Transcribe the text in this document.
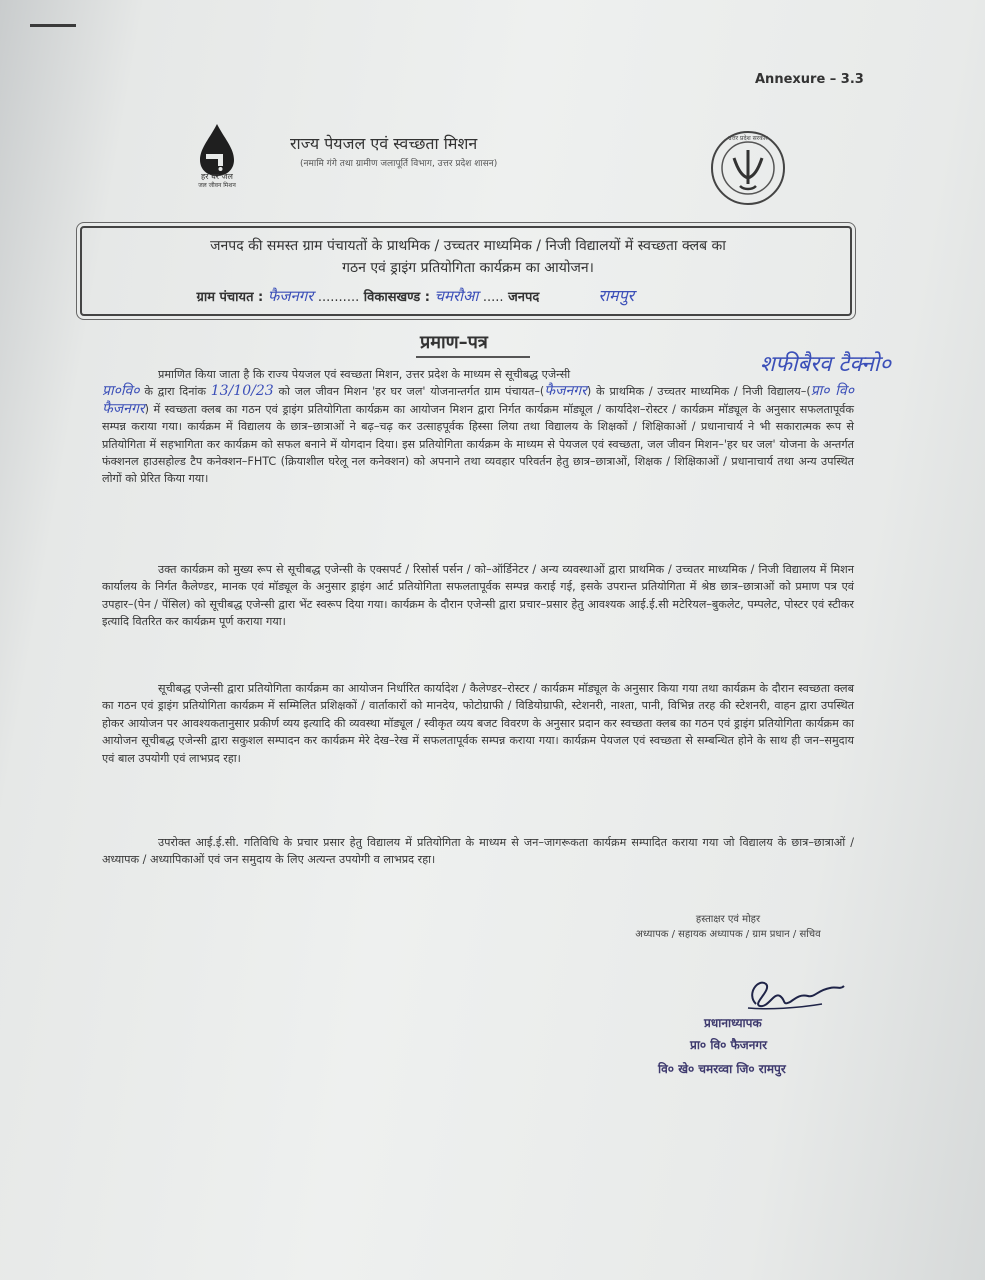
Annexure – 3.3
हर घर जल
जल जीवन मिशन
राज्य पेयजल एवं स्वच्छता मिशन
(नमामि गंगे तथा ग्रामीण जलापूर्ति विभाग, उत्तर प्रदेश शासन)
उत्तर प्रदेश सरकार
जनपद की समस्त ग्राम पंचायतों के प्राथमिक / उच्चतर माध्यमिक / निजी विद्यालयों में स्वच्छता क्लब का
गठन एवं ड्राइंग प्रतियोगिता कार्यक्रम का आयोजन।
ग्राम पंचायत : फैजनगर .......... विकासखण्ड : चमरौआ ..... जनपद	रामपुर
प्रमाण–पत्र
शफीबैरव टैक्नो०

प्रमाणित किया जाता है कि राज्य पेयजल एवं स्वच्छता मिशन, उत्तर प्रदेश के माध्यम से सूचीबद्ध एजेन्सी
प्रा०वि० के द्वारा दिनांक 13/10/23 को जल जीवन मिशन 'हर घर जल' योजनान्तर्गत ग्राम पंचायत–(फैजनगर) के प्राथमिक / उच्चतर माध्यमिक / निजी विद्यालय–(प्रा० वि० फैजनगर) में स्वच्छता क्लब का गठन एवं ड्राइंग प्रतियोगिता कार्यक्रम का आयोजन मिशन द्वारा निर्गत कार्यक्रम मॉड्यूल / कार्यादेश–रोस्टर / कार्यक्रम मॉड्यूल के अनुसार सफलतापूर्वक सम्पन्न कराया गया। कार्यक्रम में विद्यालय के छात्र–छात्राओं ने बढ़–चढ़ कर उत्साहपूर्वक हिस्सा लिया तथा विद्यालय के शिक्षकों / शिक्षिकाओं / प्रधानाचार्य ने भी सकारात्मक रूप से प्रतियोगिता में सहभागिता कर कार्यक्रम को सफल बनाने में योगदान दिया। इस प्रतियोगिता कार्यक्रम के माध्यम से पेयजल एवं स्वच्छता, जल जीवन मिशन–'हर घर जल' योजना के अन्तर्गत फंक्शनल हाउसहोल्ड टैप कनेक्शन–FHTC (क्रियाशील घरेलू नल कनेक्शन) को अपनाने तथा व्यवहार परिवर्तन हेतु छात्र–छात्राओं, शिक्षक / शिक्षिकाओं / प्रधानाचार्य तथा अन्य उपस्थित लोगों को प्रेरित किया गया।

उक्त कार्यक्रम को मुख्य रूप से सूचीबद्ध एजेन्सी के एक्सपर्ट / रिसोर्स पर्सन / को–ऑर्डिनेटर / अन्य व्यवस्थाओं द्वारा प्राथमिक / उच्चतर माध्यमिक / निजी विद्यालय में मिशन कार्यालय के निर्गत कैलेण्डर, मानक एवं मॉड्यूल के अनुसार ड्राइंग आर्ट प्रतियोगिता सफलतापूर्वक सम्पन्न कराई गई, इसके उपरान्त प्रतियोगिता में श्रेष्ठ छात्र–छात्राओं को प्रमाण पत्र एवं उपहार–(पेन / पेंसिल) को सूचीबद्ध एजेन्सी द्वारा भेंट स्वरूप दिया गया। कार्यक्रम के दौरान एजेन्सी द्वारा प्रचार–प्रसार हेतु आवश्यक आई.ई.सी मटेरियल–बुकलेट, पम्पलेट, पोस्टर एवं स्टीकर इत्यादि वितरित कर कार्यक्रम पूर्ण कराया गया।

सूचीबद्ध एजेन्सी द्वारा प्रतियोगिता कार्यक्रम का आयोजन निर्धारित कार्यादेश / कैलेण्डर–रोस्टर / कार्यक्रम मॉड्यूल के अनुसार किया गया तथा कार्यक्रम के दौरान स्वच्छता क्लब का गठन एवं ड्राइंग प्रतियोगिता कार्यक्रम में सम्मिलित प्रशिक्षकों / वार्ताकारों को मानदेय, फोटोग्राफी / विडियोग्राफी, स्टेशनरी, नाश्ता, पानी, विभिन्न तरह की स्टेशनरी, वाहन द्वारा उपस्थित होकर आयोजन पर आवश्यकतानुसार प्रकीर्ण व्यय इत्यादि की व्यवस्था मॉड्यूल / स्वीकृत व्यय बजट विवरण के अनुसार प्रदान कर स्वच्छता क्लब का गठन एवं ड्राइंग प्रतियोगिता कार्यक्रम का आयोजन सूचीबद्ध एजेन्सी द्वारा सकुशल सम्पादन कर कार्यक्रम मेरे देख–रेख में सफलतापूर्वक सम्पन्न कराया गया। कार्यक्रम पेयजल एवं स्वच्छता से सम्बन्धित होने के साथ ही जन–समुदाय एवं बाल उपयोगी एवं लाभप्रद रहा।

उपरोक्त आई.ई.सी. गतिविधि के प्रचार प्रसार हेतु विद्यालय में प्रतियोगिता के माध्यम से जन–जागरूकता कार्यक्रम सम्पादित कराया गया जो विद्यालय के छात्र–छात्राओं / अध्यापक / अध्यापिकाओं एवं जन समुदाय के लिए अत्यन्त उपयोगी व लाभप्रद रहा।

हस्ताक्षर एवं मोहर
अध्यापक / सहायक अध्यापक / ग्राम प्रधान / सचिव
प्रधानाध्यापक
प्रा० वि० फैजनगर
वि० खे० चमरव्वा जि० रामपुर
